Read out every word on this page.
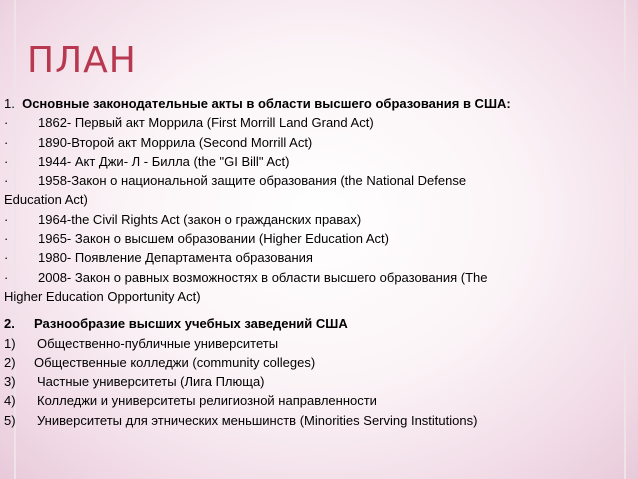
ПЛАН
1. Основные законодательные акты в области высшего образования в США:
· 1862- Первый акт Моррила (First Morrill Land Grand Act)
· 1890-Второй акт Моррила (Second Morrill Act)
· 1944- Акт Джи- Л - Билла (the "GI Bill" Act)
· 1958-Закон о национальной защите образования (the National Defense
Education Act)
· 1964-the Civil Rights Act (закон о гражданских правах)
· 1965- Закон о высшем образовании (Higher Education Act)
· 1980- Появление Департамента образования
· 2008- Закон о равных возможностях в области высшего образования (The
Higher Education Opportunity Act)
2. Разнообразие высших учебных заведений США
1) Общественно-публичные университеты
2) Общественные колледжи (community colleges)
3) Частные университеты (Лига Плюща)
4) Колледжи и университеты религиозной направленности
5) Университеты для этнических меньшинств (Minorities Serving Institutions)
